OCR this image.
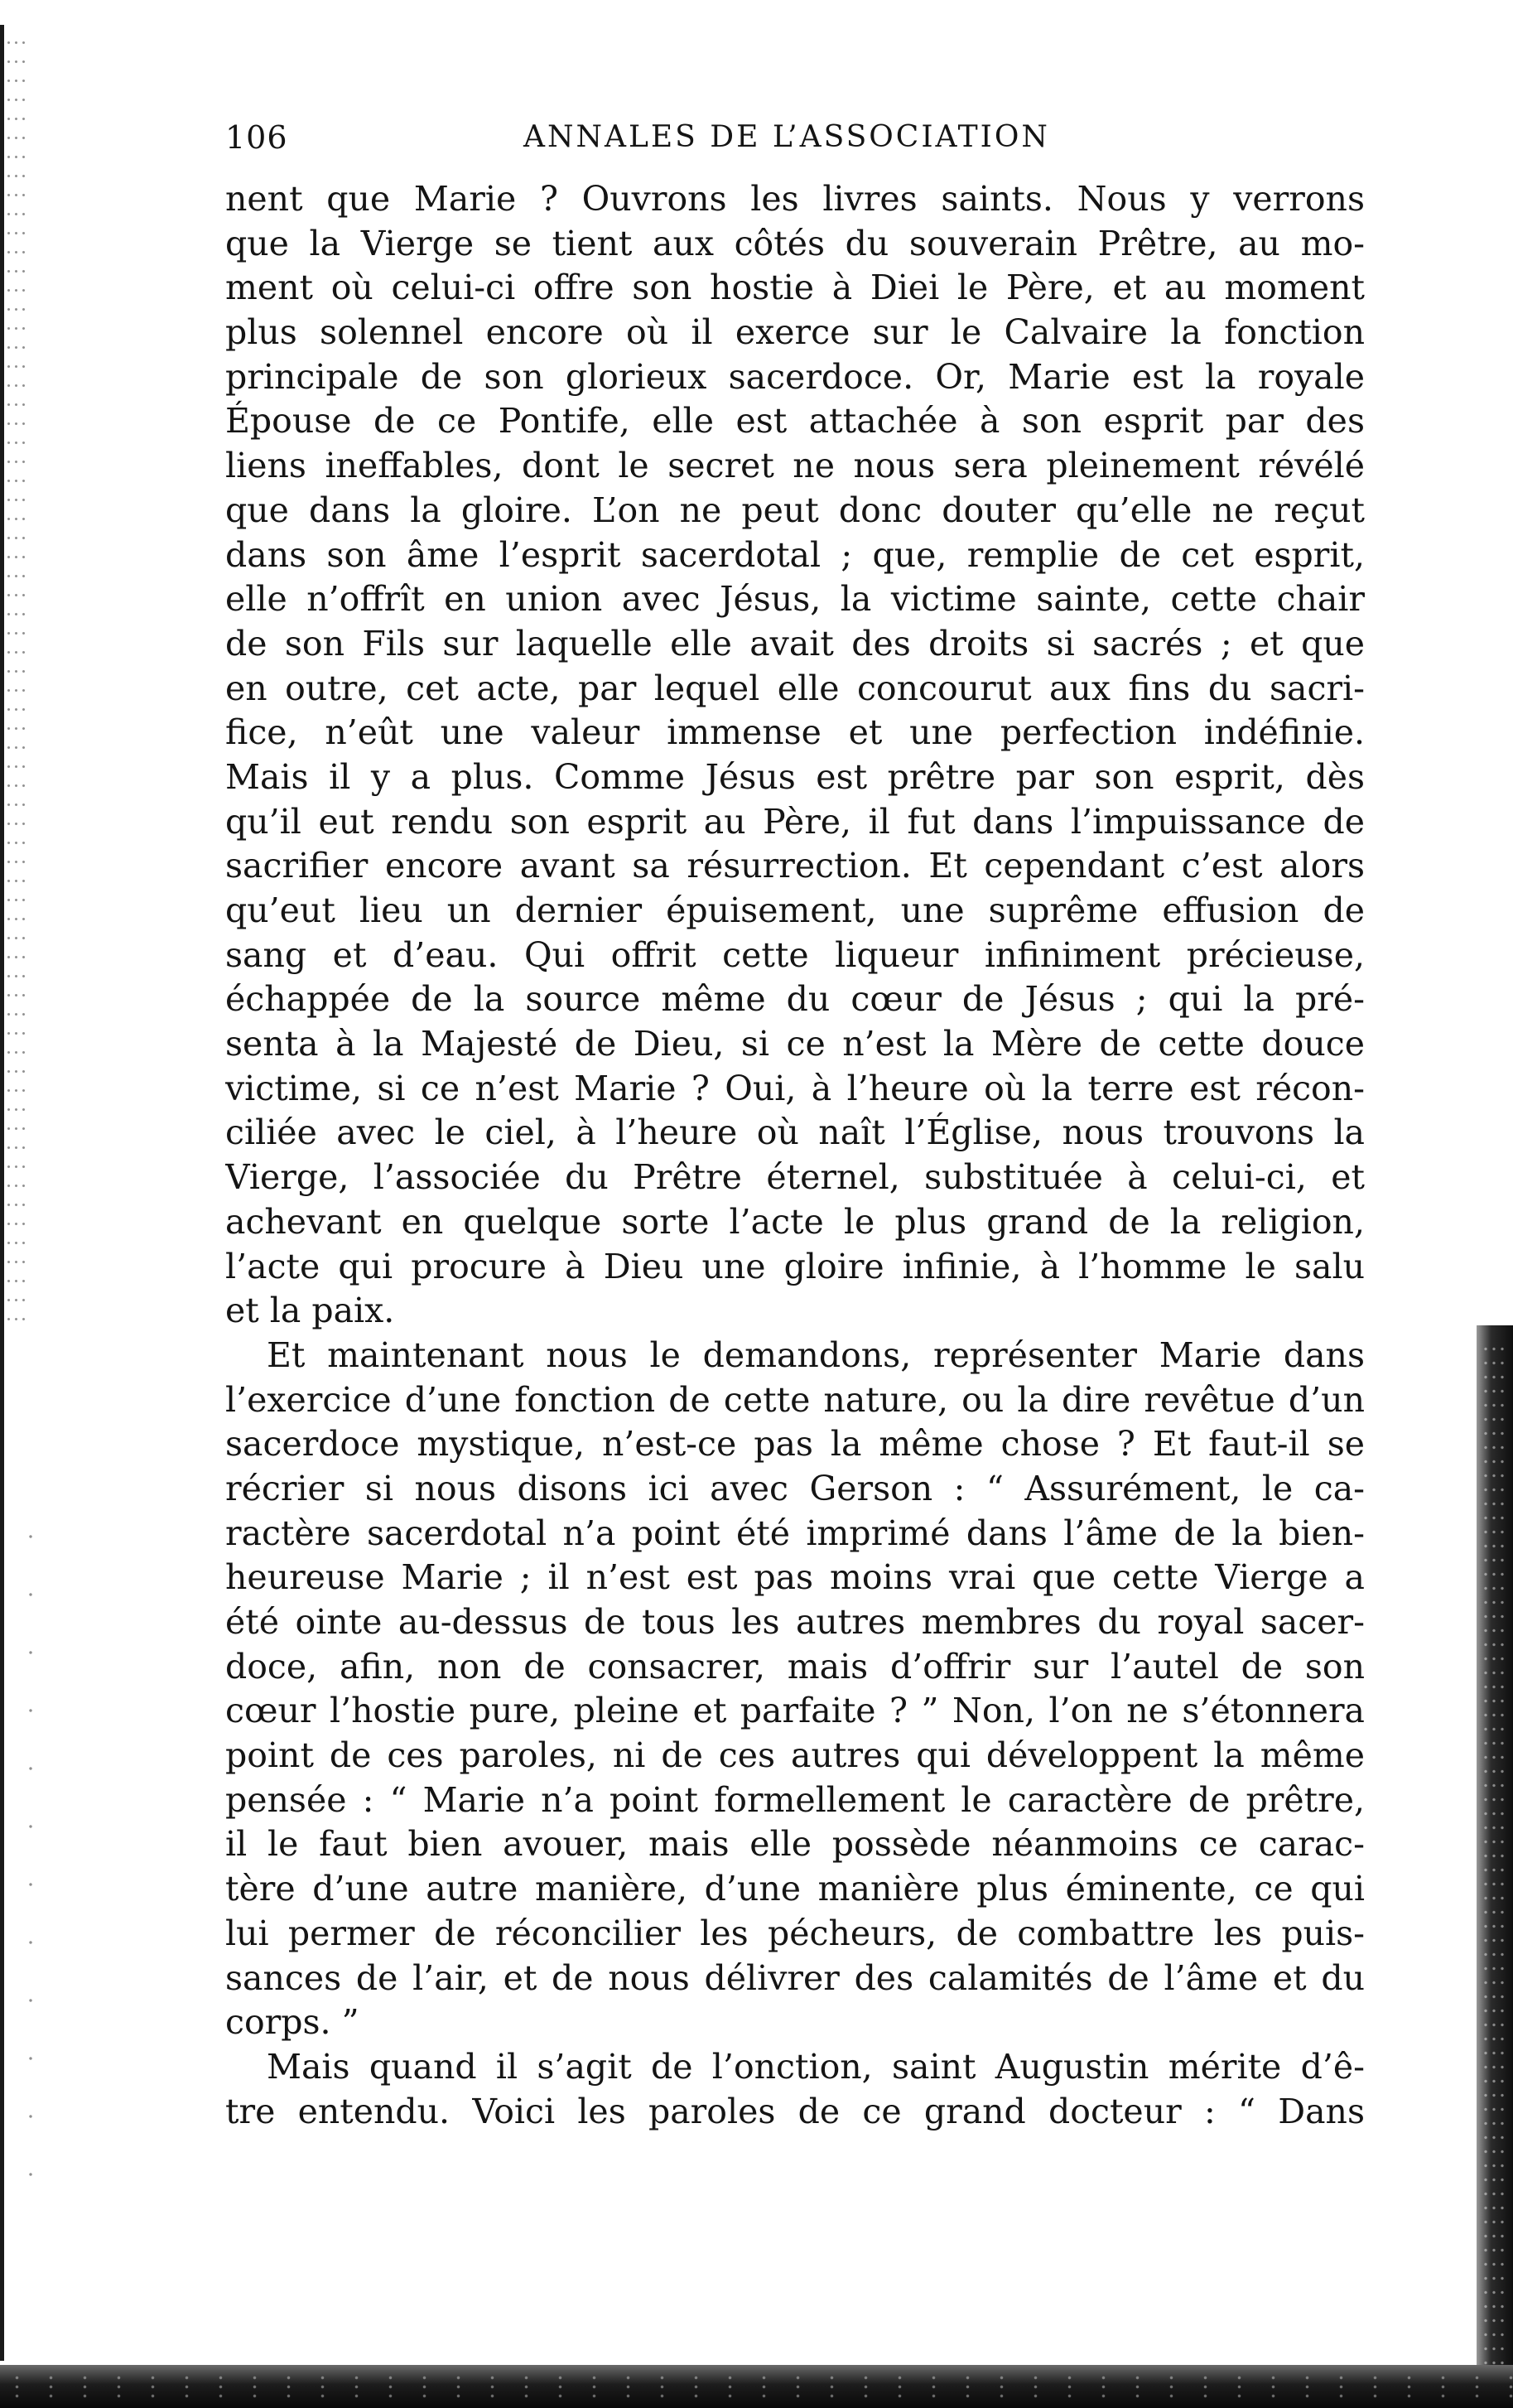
106	ANNALES DE L’ASSOCIATION
nent que Marie ? Ouvrons les livres saints. Nous y verrons
que la Vierge se tient aux côtés du souverain Prêtre, au mo-
ment où celui-ci offre son hostie à Diei le Père, et au moment
plus solennel encore où il exerce sur le Calvaire la fonction
principale de son glorieux sacerdoce. Or, Marie est la royale
Épouse de ce Pontife, elle est attachée à son esprit par des
liens ineffables, dont le secret ne nous sera pleinement révélé
que dans la gloire. L’on ne peut donc douter qu’elle ne reçut
dans son âme l’esprit sacerdotal ; que, remplie de cet esprit,
elle n’offrît en union avec Jésus, la victime sainte, cette chair
de son Fils sur laquelle elle avait des droits si sacrés ; et que
en outre, cet acte, par lequel elle concourut aux fins du sacri-
fice, n’eût une valeur immense et une perfection indéfinie.
Mais il y a plus. Comme Jésus est prêtre par son esprit, dès
qu’il eut rendu son esprit au Père, il fut dans l’impuissance de
sacrifier encore avant sa résurrection. Et cependant c’est alors
qu’eut lieu un dernier épuisement, une suprême effusion de
sang et d’eau. Qui offrit cette liqueur infiniment précieuse,
échappée de la source même du cœur de Jésus ; qui la pré-
senta à la Majesté de Dieu, si ce n’est la Mère de cette douce
victime, si ce n’est Marie ? Oui, à l’heure où la terre est récon-
ciliée avec le ciel, à l’heure où naît l’Église, nous trouvons la
Vierge, l’associée du Prêtre éternel, substituée à celui-ci, et
achevant en quelque sorte l’acte le plus grand de la religion,
l’acte qui procure à Dieu une gloire infinie, à l’homme le salu
et la paix.
Et maintenant nous le demandons, représenter Marie dans
l’exercice d’une fonction de cette nature, ou la dire revêtue d’un
sacerdoce mystique, n’est-ce pas la même chose ? Et faut-il se
récrier si nous disons ici avec Gerson : “ Assurément, le ca-
ractère sacerdotal n’a point été imprimé dans l’âme de la bien-
heureuse Marie ; il n’est est pas moins vrai que cette Vierge a
été ointe au-dessus de tous les autres membres du royal sacer-
doce, afin, non de consacrer, mais d’offrir sur l’autel de son
cœur l’hostie pure, pleine et parfaite ? ” Non, l’on ne s’étonnera
point de ces paroles, ni de ces autres qui développent la même
pensée : “ Marie n’a point formellement le caractère de prêtre,
il le faut bien avouer, mais elle possède néanmoins ce carac-
tère d’une autre manière, d’une manière plus éminente, ce qui
lui permer de réconcilier les pécheurs, de combattre les puis-
sances de l’air, et de nous délivrer des calamités de l’âme et du
corps. ”
Mais quand il s’agit de l’onction, saint Augustin mérite d’ê-
tre entendu. Voici les paroles de ce grand docteur : “ Dans
